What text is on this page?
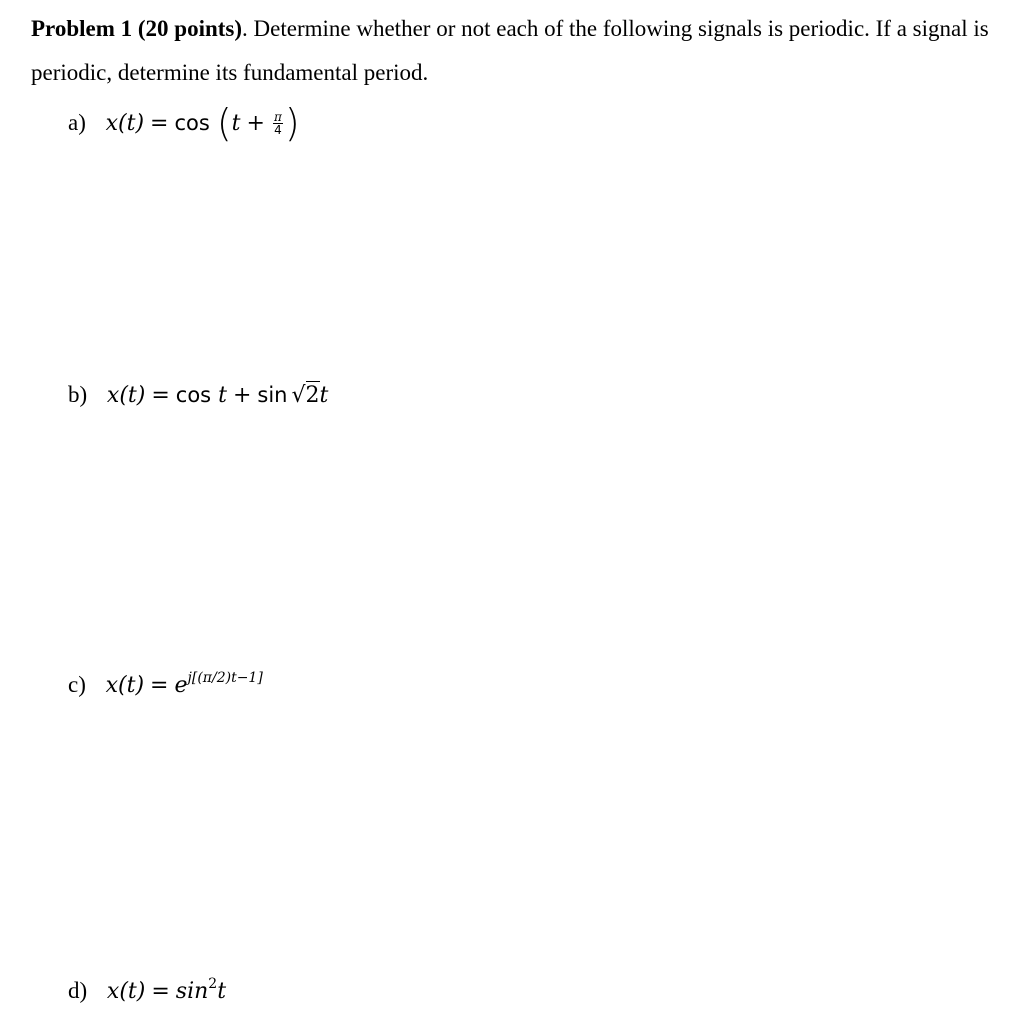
Problem 1 (20 points). Determine whether or not each of the following signals is periodic. If a signal is periodic, determine its fundamental period.
a) $x(t) = \cos (t + \frac{\pi}{4}$ )
b) x(t) = cos t + sin √2t
c) $x(t) = e^{j[(\pi/2)t-1]}$
d) $x(t) = \sin^2t$
